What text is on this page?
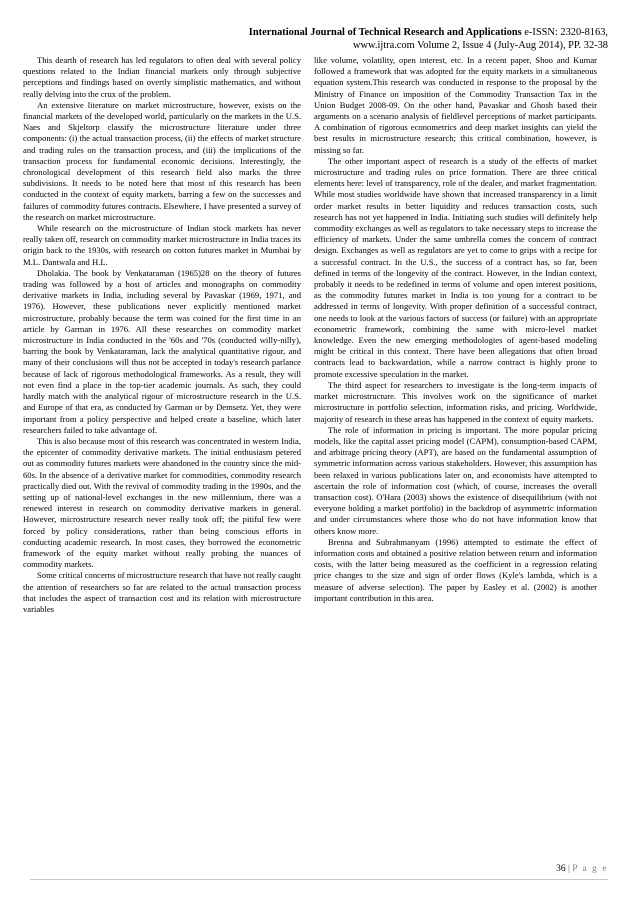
International Journal of Technical Research and Applications e-ISSN: 2320-8163,
www.ijtra.com Volume 2, Issue 4 (July-Aug 2014), PP. 32-38

This dearth of research has led regulators to often deal with several policy questions related to the Indian financial markets only through subjective perceptions and findings based on overtly simplistic mathematics, and without really delving into the crux of the problem.

An extensive literature on market microstructure, however, exists on the financial markets of the developed world, particularly on the markets in the U.S. Naes and Skjeltorp classify the microstructure literature under three components: (i) the actual transaction process, (ii) the effects of market structure and trading rules on the transaction process, and (iii) the implications of the transaction process for fundamental economic decisions. Interestingly, the chronological development of this research field also marks the three subdivisions. It needs to be noted here that most of this research has been conducted in the context of equity markets, barring a few on the successes and failures of commodity futures contracts. Elsewhere, I have presented a survey of the research on market microstructure.

While research on the microstructure of Indian stock markets has never really taken off, research on commodity market microstructure in India traces its origin back to the 1930s, with research on cotton futures market in Mumbai by M.L. Dantwala and H.L.

Dholakia. The book by Venkataraman (1965)28 on the theory of futures trading was followed by a host of articles and monographs on commodity derivative markets in India, including several by Pavaskar (1969, 1971, and 1976). However, these publications never explicitly mentioned market microstructure, probably because the term was coined for the first time in an article by Garman in 1976. All these researches on commodity market microstructure in India conducted in the '60s and '70s (conducted willy-nilly), barring the book by Venkataraman, lack the analytical quantitative rigour, and many of their conclusions will thus not be accepted in today's research parlance because of lack of rigorous methodological frameworks. As a result, they will not even find a place in the top-tier academic journals. As such, they could hardly match with the analytical rigour of microstructure research in the U.S. and Europe of that era, as conducted by Garman or by Demsetz. Yet, they were important from a policy perspective and helped create a baseline, which later researchers failed to take advantage of.

This is also because most of this research was concentrated in western India, the epicenter of commodity derivative markets. The initial enthusiasm petered out as commodity futures markets were abandoned in the country since the mid-60s. In the absence of a derivative market for commodities, commodity research practically died out. With the revival of commodity trading in the 1990s, and the setting up of national-level exchanges in the new millennium, there was a renewed interest in research on commodity derivative markets in general. However, microstructure research never really took off; the pitiful few were forced by policy considerations, rather than being conscious efforts in conducting academic research. In most cases, they borrowed the econometric framework of the equity market without really probing the nuances of commodity markets.

Some critical concerns of microstructure research that have not really caught the attention of researchers so far are related to the actual transaction process that includes the aspect of transaction cost and its relation with microstructure variables

like volume, volatility, open interest, etc. In a recent paper, Shoo and Kumar followed a framework that was adopted for the equity markets in a simultaneous equation system.This research was conducted in response to the proposal by the Ministry of Finance on imposition of the Commodity Transaction Tax in the Union Budget 2008-09. On the other hand, Pavaskar and Ghosh based their arguments on a scenario analysis of fieldlevel perceptions of market participants. A combination of rigorous econometrics and deep market insights can yield the best results in microstructure research; this critical combination, however, is missing so far.

The other important aspect of research is a study of the effects of market microstructure and trading rules on price formation. There are three critical elements here: level of transparency, role of the dealer, and market fragmentation. While most studies worldwide have shown that increased transparency in a limit order market results in better liquidity and reduces transaction costs, such research has not yet happened in India. Initiating such studies will definitely help commodity exchanges as well as regulators to take necessary steps to increase the efficiency of markets. Under the same umbrella comes the concern of contract design. Exchanges as well as regulators are yet to come to grips with a recipe for a successful contract. In the U.S., the success of a contract has, so far, been defined in terms of the longevity of the contract. However, in the Indian context, probably it needs to be redefined in terms of volume and open interest positions, as the commodity futures market in India is too young for a contract to be addressed in terms of longevity. With proper definition of a successful contract, one needs to look at the various factors of success (or failure) with an appropriate econometric framework, combining the same with micro-level market knowledge. Even the new emerging methodologies of agent-based modeling might be critical in this context. There have been allegations that often broad contracts lead to backwardation, while a narrow contract is highly prone to promote excessive speculation in the market.

The third aspect for researchers to investigate is the long-term impacts of market microstructure. This involves work on the significance of market microstructure in portfolio selection, information risks, and pricing. Worldwide, majority of research in these areas has happened in the context of equity markets.

The role of information in pricing is important. The more popular pricing models, like the capital asset pricing model (CAPM), consumption-based CAPM, and arbitrage pricing theory (APT), are based on the fundamental assumption of symmetric information across various stakeholders. However, this assumption has been relaxed in various publications later on, and economists have attempted to ascertain the role of information cost (which, of course, increases the overall transaction cost). O'Hara (2003) shows the existence of disequilibrium (with not everyone holding a market portfolio) in the backdrop of asymmetric information and under circumstances where those who do not have information know that others know more.

Brenna and Subrahmanyam (1996) attempted to estimate the effect of information costs and obtained a positive relation between return and information costs, with the latter being measured as the coefficient in a regression relating price changes to the size and sign of order flows (Kyle's lambda, which is a measure of adverse selection). The paper by Easley et al. (2002) is another important contribution in this area.

36 | P a g e
